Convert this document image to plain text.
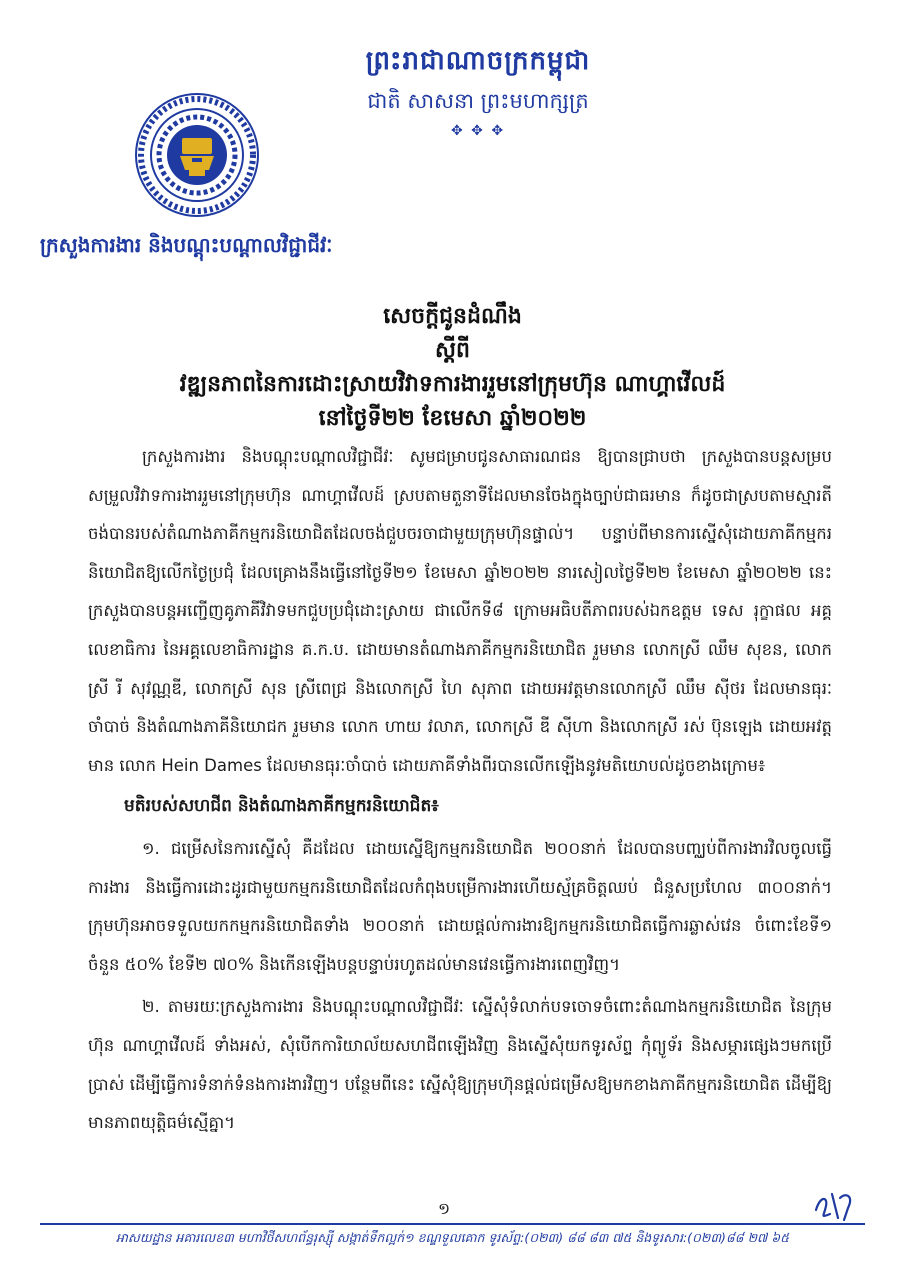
ព្រះរាជាណាចក្រកម្ពុជា
ជាតិ សាសនា ព្រះមហាក្សត្រ
✥ ✥ ✥
ក្រសួងការងារ និងបណ្តុះបណ្តាលវិជ្ជាជីវៈ
សេចក្តីជូនដំណឹង
ស្តីពី
វឌ្ឍនភាពនៃការដោះស្រាយវិវាទការងាររួមនៅក្រុមហ៊ុន ណាហ្គាវើលដ៍
នៅថ្ងៃទី២២ ខែមេសា ឆ្នាំ២០២២

ក្រសួងការងារ និងបណ្តុះបណ្តាលវិជ្ជាជីវៈ សូមជម្រាបជូនសាធារណជន ឱ្យបានជ្រាបថា ក្រសួងបានបន្តសម្របសម្រួលវិវាទការងាររួមនៅក្រុមហ៊ុន ណាហ្គាវើលដ៍ ស្របតាមតួនាទីដែលមានចែងក្នុងច្បាប់ជាធរមាន ក៏ដូចជាស្របតាមស្មារតីចង់បានរបស់តំណាងភាគីកម្មករនិយោជិតដែលចង់ជួបចរចាជាមួយក្រុមហ៊ុនផ្ទាល់។ បន្ទាប់ពីមានការស្នើសុំដោយភាគីកម្មករនិយោជិតឱ្យលើកថ្ងៃប្រជុំ ដែលគ្រោងនឹងធ្វើនៅថ្ងៃទី២១ ខែមេសា ឆ្នាំ២០២២ នារសៀលថ្ងៃទី២២ ខែមេសា ឆ្នាំ២០២២ នេះ ក្រសួងបានបន្តអញ្ជើញគូភាគីវិវាទមកជួបប្រជុំដោះស្រាយ ជាលើកទី៨ ក្រោមអធិបតីភាពរបស់ឯកឧត្តម ទេស រុក្ខាផល អគ្គលេខាធិការ នៃអគ្គលេខាធិការដ្ឋាន គ.ក.ប. ដោយមានតំណាងភាគីកម្មករនិយោជិត រួមមាន លោកស្រី ឈឹម សុខន, លោកស្រី រី សុវណ្ណឌី, លោកស្រី សុន ស្រីពេជ្រ និងលោកស្រី ហៃ សុភាព ដោយអវត្តមានលោកស្រី ឈឹម ស៊ីថរ ដែលមានធុរៈចាំបាច់ និងតំណាងភាគីនិយោជក រួមមាន លោក ហាយ វលាភ, លោកស្រី ឌី ស៊ីហា និងលោកស្រី រស់ ប៊ុនឡេង ដោយអវត្តមាន លោក Hein Dames ដែលមានធុរៈចាំបាច់ ដោយភាគីទាំងពីរបានលើកឡើងនូវមតិយោបល់ដូចខាងក្រោម៖

មតិរបស់សហជីព និងតំណាងភាគីកម្មករនិយោជិត៖

១. ជម្រើសនៃការស្នើសុំ គឺដដែល ដោយស្នើឱ្យកម្មករនិយោជិត ២០០នាក់ ដែលបានបញ្ឈប់ពីការងារវិលចូលធ្វើការងារ និងធ្វើការដោះដូរជាមួយកម្មករនិយោជិតដែលកំពុងបម្រើការងារហើយស្ម័គ្រចិត្តឈប់ ជំនួសប្រហែល ៣០០នាក់។ ក្រុមហ៊ុនអាចទទួលយកកម្មករនិយោជិតទាំង ២០០នាក់ ដោយផ្តល់ការងារឱ្យកម្មករនិយោជិតធ្វើការឆ្លាស់វេន ចំពោះខែទី១ ចំនួន ៥០% ខែទី២ ៧០% និងកើនឡើងបន្តបន្ទាប់រហូតដល់មានវេនធ្វើការងារពេញវិញ។

២. តាមរយៈក្រសួងការងារ និងបណ្តុះបណ្តាលវិជ្ជាជីវៈ ស្នើសុំទំលាក់បទចោទចំពោះតំណាងកម្មករនិយោជិត នៃក្រុមហ៊ុន ណាហ្គាវើលដ៍ ទាំងអស់, សុំបើកការិយាល័យសហជីពឡើងវិញ និងស្នើសុំយកទូរស័ព្ទ កុំព្យូទ័រ និងសម្ភារផ្សេងៗមកប្រើប្រាស់ ដើម្បីធ្វើការទំនាក់ទំនងការងារវិញ។ បន្ថែមពីនេះ ស្នើសុំឱ្យក្រុមហ៊ុនផ្តល់ជម្រើសឱ្យមកខាងភាគីកម្មករនិយោជិត ដើម្បីឱ្យមានភាពយុត្តិធម៌ស្មើគ្នា។

១
អាសយដ្ឋាន អគារលេខ៣ មហាវិថីសហព័ន្ធរុស្ស៊ី សង្កាត់ទឹកល្អក់១ ខណ្ឌទួលគោក ទូរស័ព្ទ:(០២៣) ៨៨ ៨៣ ៧៥ និងទូរសារ:(០២៣)៨៨ ២៧ ៦៥
